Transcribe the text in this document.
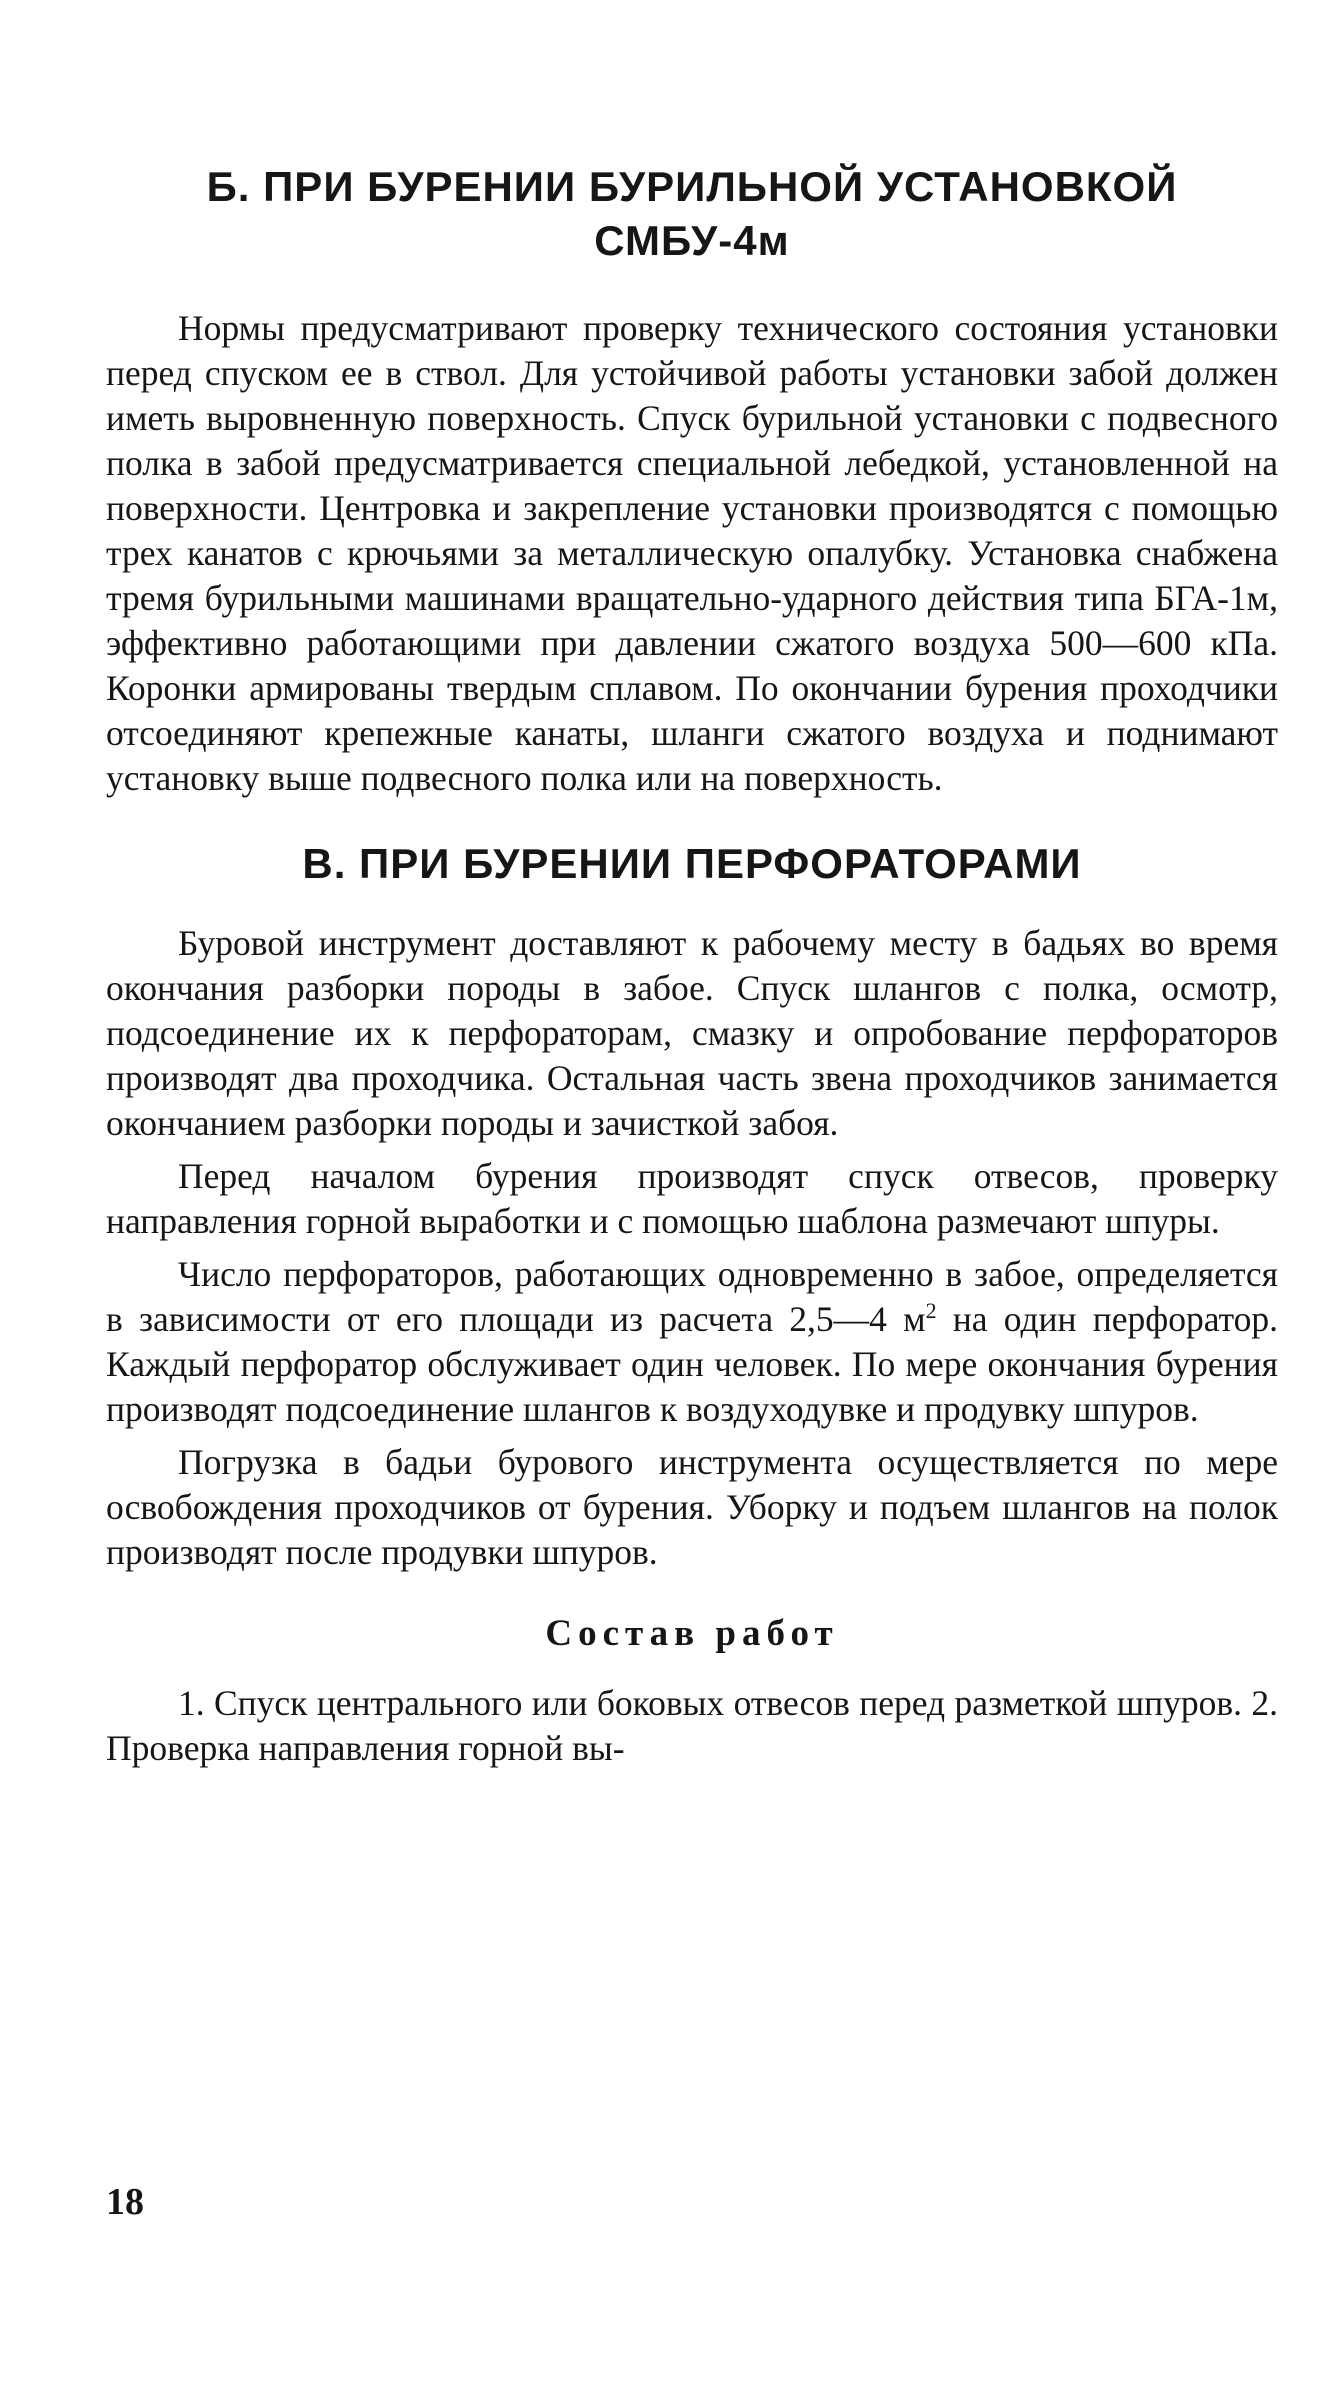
Б. ПРИ БУРЕНИИ БУРИЛЬНОЙ УСТАНОВКОЙ
СМБУ-4м

Нормы предусматривают проверку технического состояния установки перед спуском ее в ствол. Для устойчивой работы установки забой должен иметь выровненную поверхность. Спуск бурильной установки с подвесного полка в забой предусматривается специальной лебедкой, установленной на поверхности. Центровка и закрепление установки производятся с помощью трех канатов с крючьями за металлическую опалубку. Установка снабжена тремя бурильными машинами вращательно-ударного действия типа БГА-1м, эффективно работающими при давлении сжатого воздуха 500—600 кПа. Коронки армированы твердым сплавом. По окончании бурения проходчики отсоединяют крепежные канаты, шланги сжатого воздуха и поднимают установку выше подвесного полка или на поверхность.

В. ПРИ БУРЕНИИ ПЕРФОРАТОРАМИ

Буровой инструмент доставляют к рабочему месту в бадьях во время окончания разборки породы в забое. Спуск шлангов с полка, осмотр, подсоединение их к перфораторам, смазку и опробование перфораторов производят два проходчика. Остальная часть звена проходчиков занимается окончанием разборки породы и зачисткой забоя.

Перед началом бурения производят спуск отвесов, проверку направления горной выработки и с помощью шаблона размечают шпуры.

Число перфораторов, работающих одновременно в забое, определяется в зависимости от его площади из расчета 2,5—4 $м^2$ на один перфоратор. Каждый перфоратор обслуживает один человек. По мере окончания бурения производят подсоединение шлангов к воздуходувке и продувку шпуров.

Погрузка в бадьи бурового инструмента осуществляется по мере освобождения проходчиков от бурения. Уборку и подъем шлангов на полок производят после продувки шпуров.

Состав работ

1. Спуск центрального или боковых отвесов перед разметкой шпуров. 2. Проверка направления горной вы-

18
